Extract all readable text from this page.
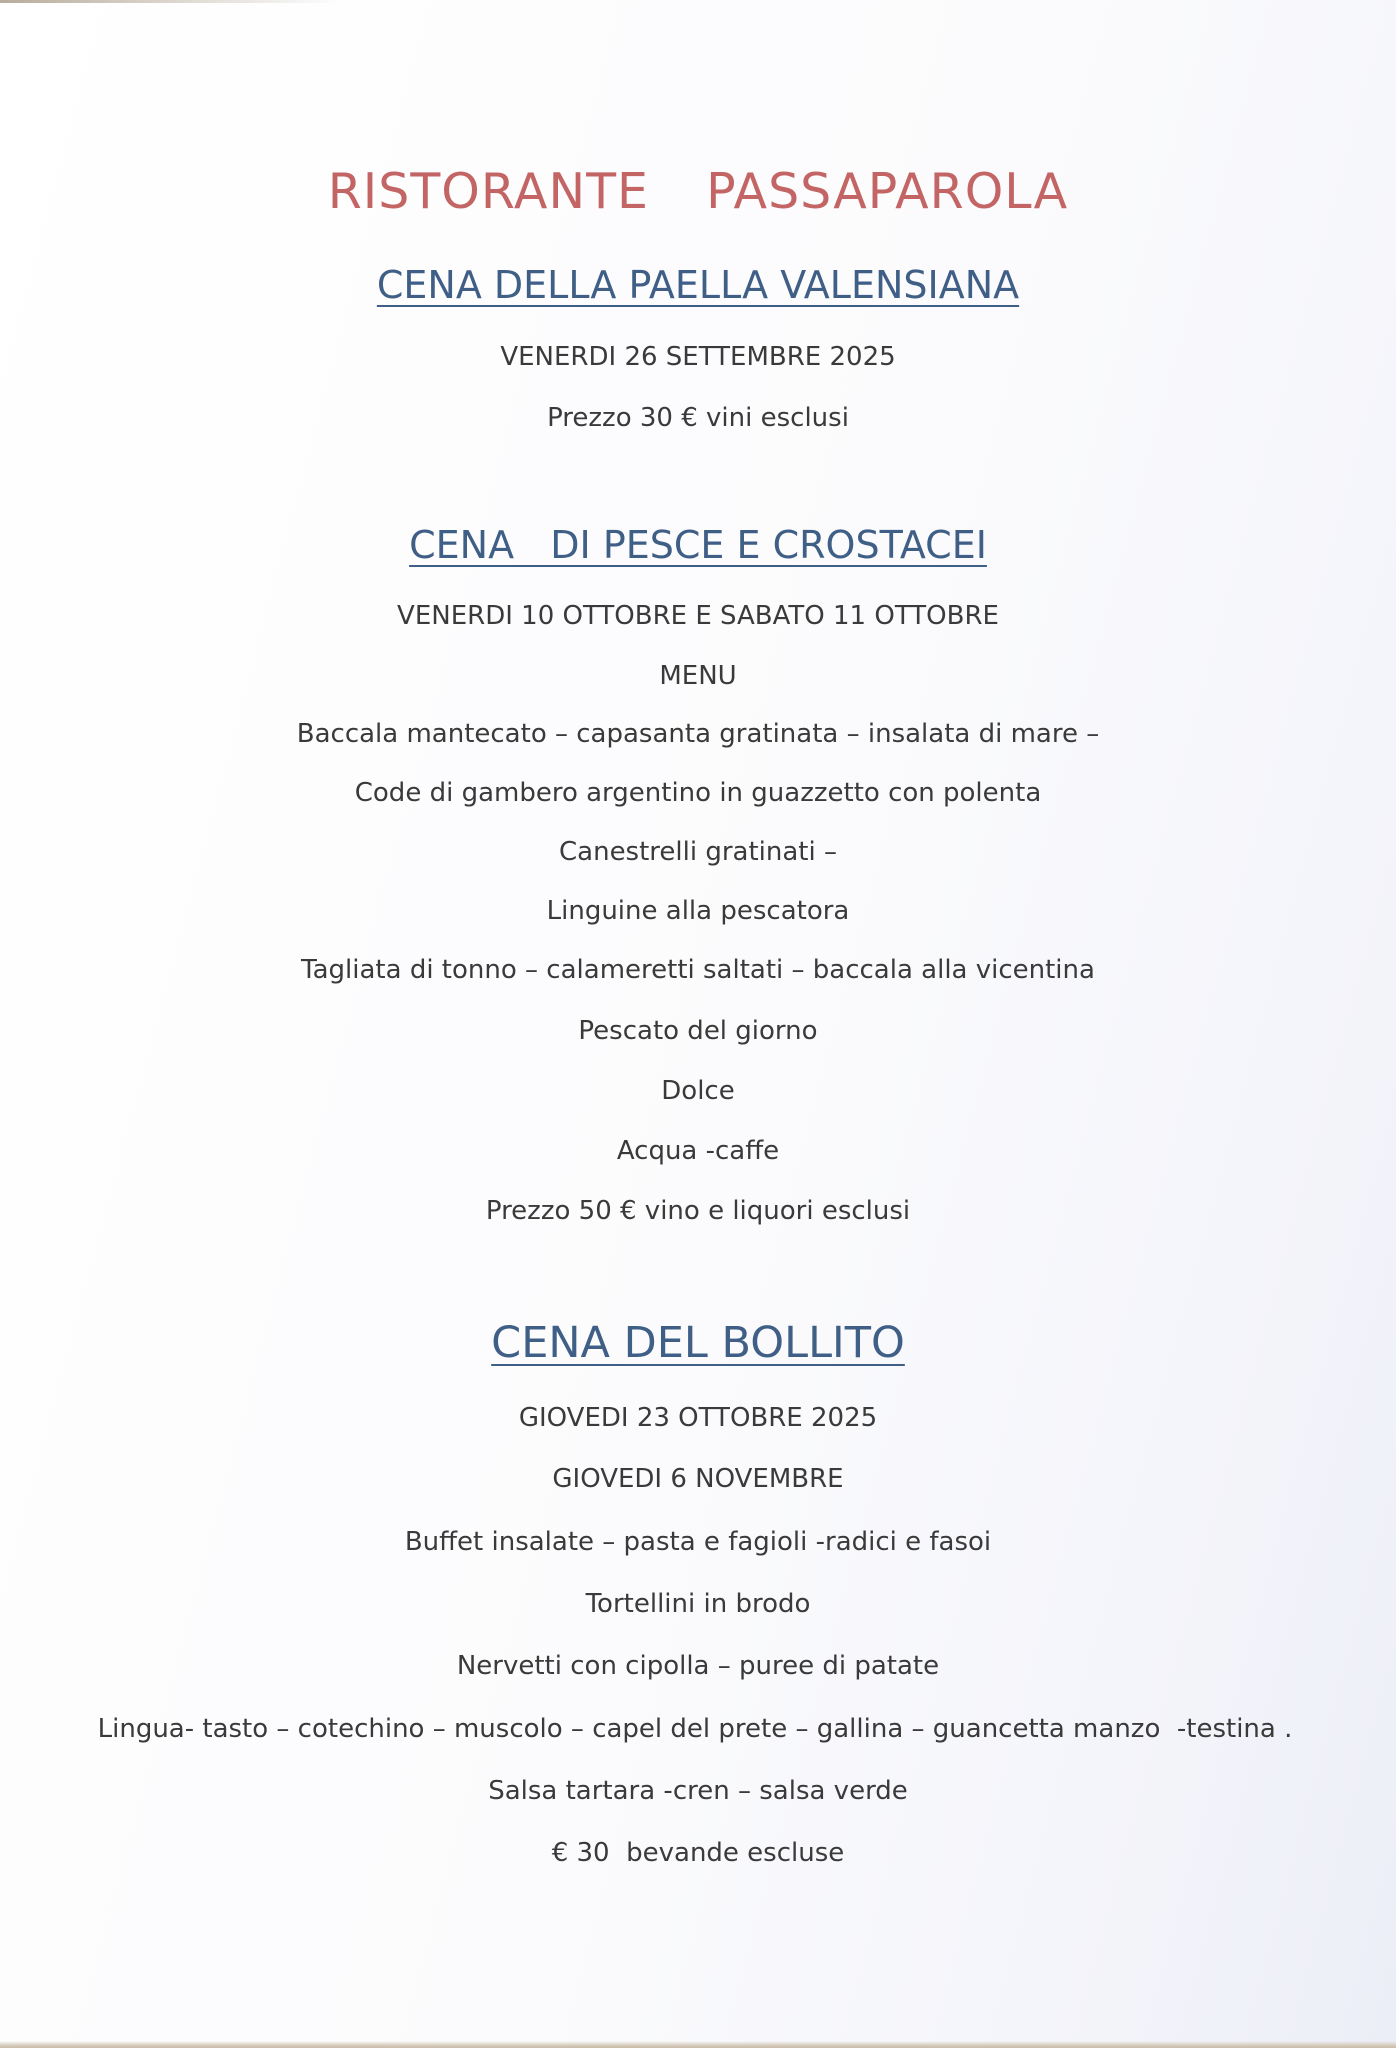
RISTORANTE  PASSAPAROLA
CENA DELLA PAELLA VALENSIANA
VENERDI 26 SETTEMBRE 2025
Prezzo 30 € vini esclusi
CENA   DI PESCE E CROSTACEI
VENERDI 10 OTTOBRE E SABATO 11 OTTOBRE
MENU
Baccala mantecato – capasanta gratinata – insalata di mare –
Code di gambero argentino in guazzetto con polenta
Canestrelli gratinati –
Linguine alla pescatora
Tagliata di tonno – calameretti saltati – baccala alla vicentina
Pescato del giorno
Dolce
Acqua -caffe
Prezzo 50 € vino e liquori esclusi
CENA DEL BOLLITO
GIOVEDI 23 OTTOBRE 2025
GIOVEDI 6 NOVEMBRE
Buffet insalate – pasta e fagioli -radici e fasoi
Tortellini in brodo
Nervetti con cipolla – puree di patate
Lingua- tasto – cotechino – muscolo – capel del prete – gallina – guancetta manzo  -testina .
Salsa tartara -cren – salsa verde
€ 30  bevande escluse
